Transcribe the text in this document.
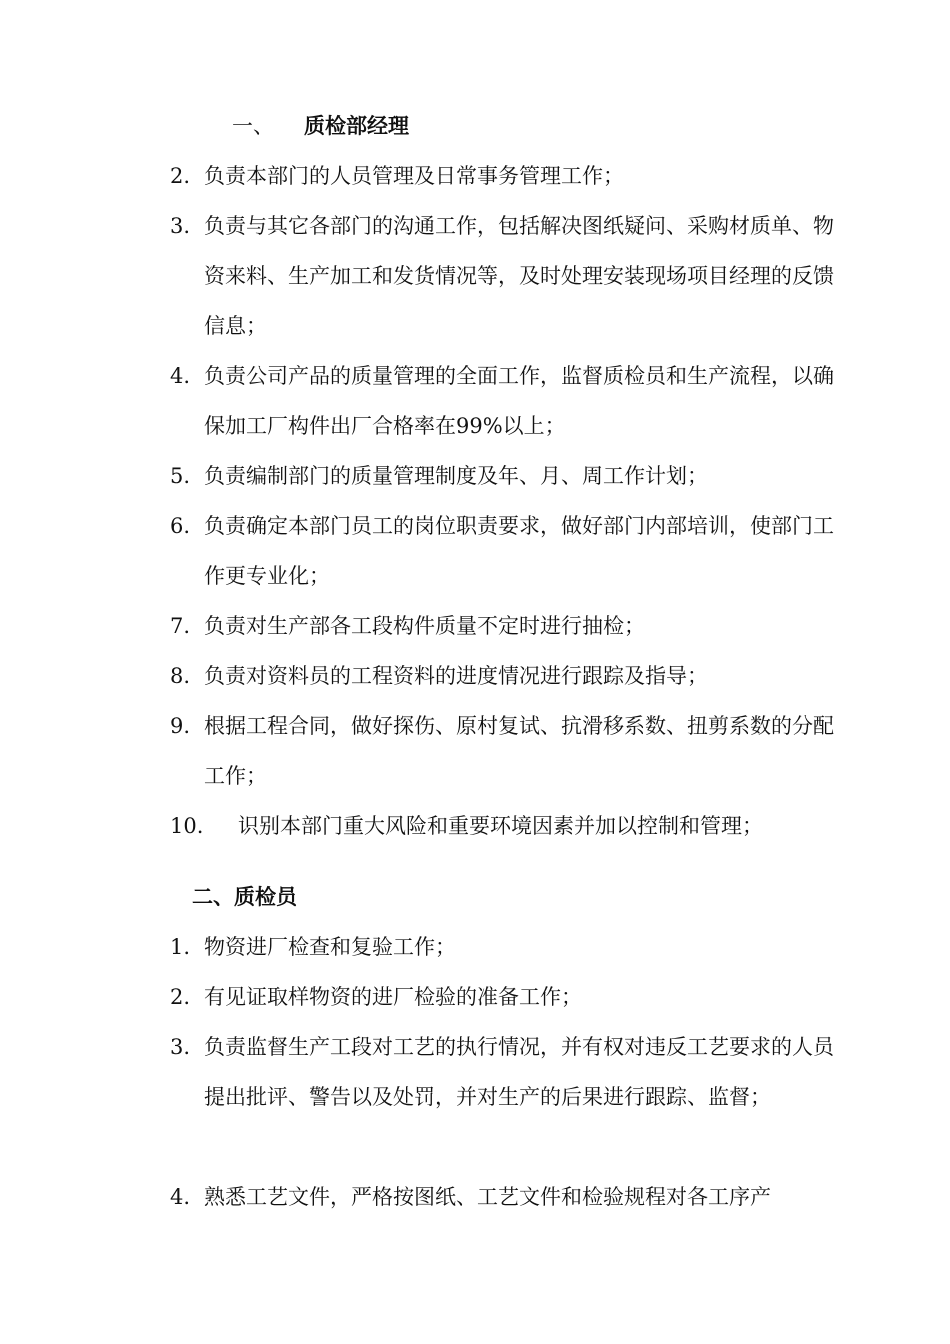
一、 质检部经理
2. 负责本部门的人员管理及日常事务管理工作；
3. 负责与其它各部门的沟通工作，包括解决图纸疑问、采购材质单、物资来料、生产加工和发货情况等，及时处理安装现场项目经理的反馈信息；
4. 负责公司产品的质量管理的全面工作，监督质检员和生产流程，以确保加工厂构件出厂合格率在99%以上；
5. 负责编制部门的质量管理制度及年、月、周工作计划；
6. 负责确定本部门员工的岗位职责要求，做好部门内部培训，使部门工作更专业化；
7. 负责对生产部各工段构件质量不定时进行抽检；
8. 负责对资料员的工程资料的进度情况进行跟踪及指导；
9. 根据工程合同，做好探伤、原村复试、抗滑移系数、扭剪系数的分配工作；
10. 识别本部门重大风险和重要环境因素并加以控制和管理；
二、质检员
1. 物资进厂检查和复验工作；
2. 有见证取样物资的进厂检验的准备工作；
3. 负责监督生产工段对工艺的执行情况，并有权对违反工艺要求的人员提出批评、警告以及处罚，并对生产的后果进行跟踪、监督；
4. 熟悉工艺文件，严格按图纸、工艺文件和检验规程对各工序产
